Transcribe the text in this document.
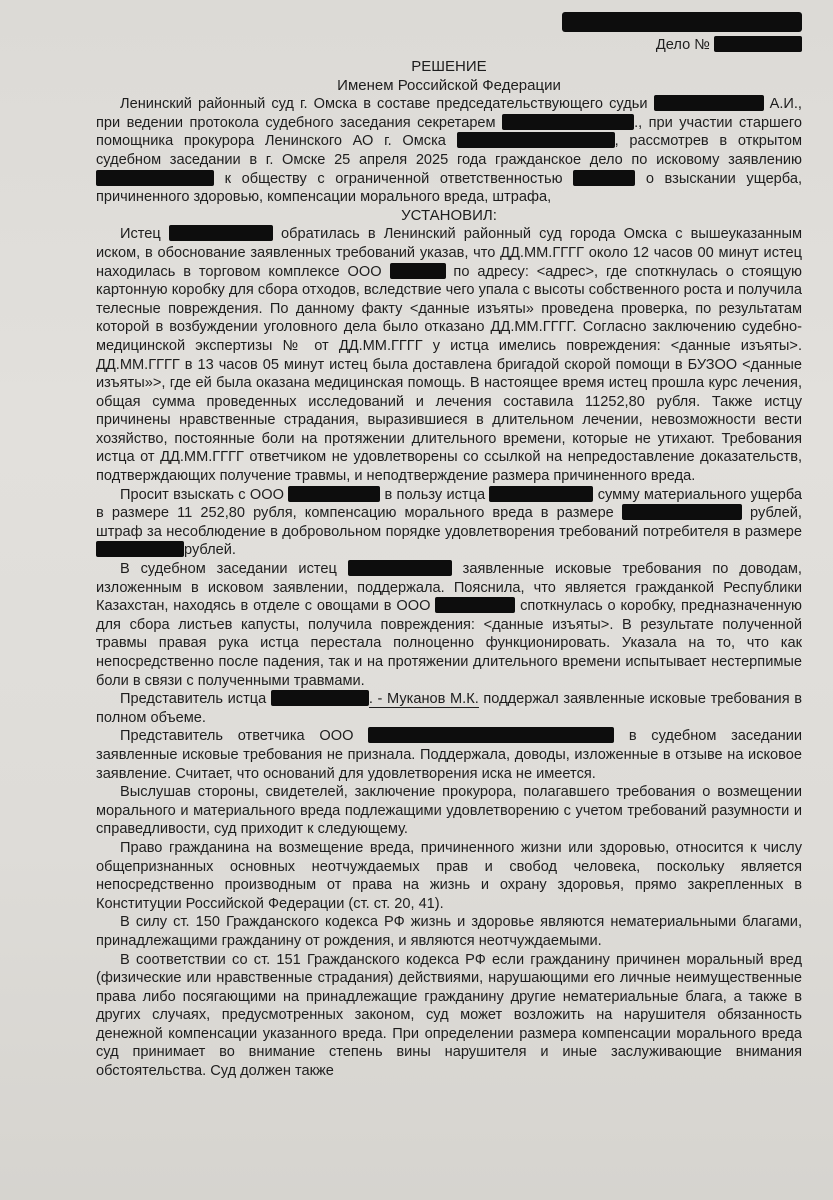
Дело №
РЕШЕНИЕ
Именем Российской Федерации

Ленинский районный суд г. Омска в составе председательствующего судьи	А.И., при ведении протокола судебного заседания секретарем	., при участии старшего помощника прокурора Ленинского АО г. Омска	, рассмотрев в открытом судебном заседании в г. Омске 25 апреля 2025 года гражданское дело по исковому заявлению  к обществу с ограниченной ответственностью	о взыскании ущерба, причиненного здоровью, компенсации морального вреда, штрафа,

УСТАНОВИЛ:

Истец	обратилась в Ленинский районный суд города Омска с вышеуказанным иском, в обоснование заявленных требований указав, что ДД.ММ.ГГГГ около 12 часов 00 минут истец находилась в торговом комплексе ООО	по адресу: <адрес>, где споткнулась о стоящую картонную коробку для сбора отходов, вследствие чего упала с высоты собственного роста и получила телесные повреждения. По данному факту <данные изъяты» проведена проверка, по результатам которой в возбуждении уголовного дела было отказано ДД.ММ.ГГГГ. Согласно заключению судебно-медицинской экспертизы № от ДД.ММ.ГГГГ у истца имелись повреждения: <данные изъяты>. ДД.ММ.ГГГГ в 13 часов 05 минут истец была доставлена бригадой скорой помощи в БУЗОО <данные изъяты»>, где ей была оказана медицинская помощь. В настоящее время истец прошла курс лечения, общая сумма проведенных исследований и лечения составила 11252,80 рубля. Также истцу причинены нравственные страдания, выразившиеся в длительном лечении, невозможности вести хозяйство, постоянные боли на протяжении длительного времени, которые не утихают. Требования истца от ДД.ММ.ГГГГ ответчиком не удовлетворены со ссылкой на непредоставление доказательств, подтверждающих получение травмы, и неподтверждение размера причиненного вреда.

Просит взыскать с ООО	в пользу истца	сумму материального ущерба в размере 11 252,80 рубля, компенсацию морального вреда в размере	рублей, штраф за несоблюдение в добровольном порядке удовлетворения требований потребителя в размере рублей.

В судебном заседании истец	заявленные исковые требования по доводам, изложенным в исковом заявлении, поддержала. Пояснила, что является гражданкой Республики Казахстан, находясь в отделе с овощами в ООО	споткнулась о коробку, предназначенную для сбора листьев капусты, получила повреждения: <данные изъяты>. В результате полученной травмы правая рука истца перестала полноценно функционировать. Указала на то, что как непосредственно после падения, так и на протяжении длительного времени испытывает нестерпимые боли в связи с полученными травмами.

Представитель истца	. - Муканов М.К. поддержал заявленные исковые требования в полном объеме.

Представитель ответчика ООО	в судебном заседании заявленные исковые требования не признала. Поддержала, доводы, изложенные в отзыве на исковое заявление. Считает, что оснований для удовлетворения иска не имеется.

Выслушав стороны, свидетелей, заключение прокурора, полагавшего требования о возмещении морального и материального вреда подлежащими удовлетворению с учетом требований разумности и справедливости, суд приходит к следующему.

Право гражданина на возмещение вреда, причиненного жизни или здоровью, относится к числу общепризнанных основных неотчуждаемых прав и свобод человека, поскольку является непосредственно производным от права на жизнь и охрану здоровья, прямо закрепленных в Конституции Российской Федерации (ст. ст. 20, 41).

В силу ст. 150 Гражданского кодекса РФ жизнь и здоровье являются нематериальными благами, принадлежащими гражданину от рождения, и являются неотчуждаемыми.

В соответствии со ст. 151 Гражданского кодекса РФ если гражданину причинен моральный вред (физические или нравственные страдания) действиями, нарушающими его личные неимущественные права либо посягающими на принадлежащие гражданину другие нематериальные блага, а также в других случаях, предусмотренных законом, суд может возложить на нарушителя обязанность денежной компенсации указанного вреда. При определении размера компенсации морального вреда суд принимает во внимание степень вины нарушителя и иные заслуживающие внимания обстоятельства. Суд должен также
